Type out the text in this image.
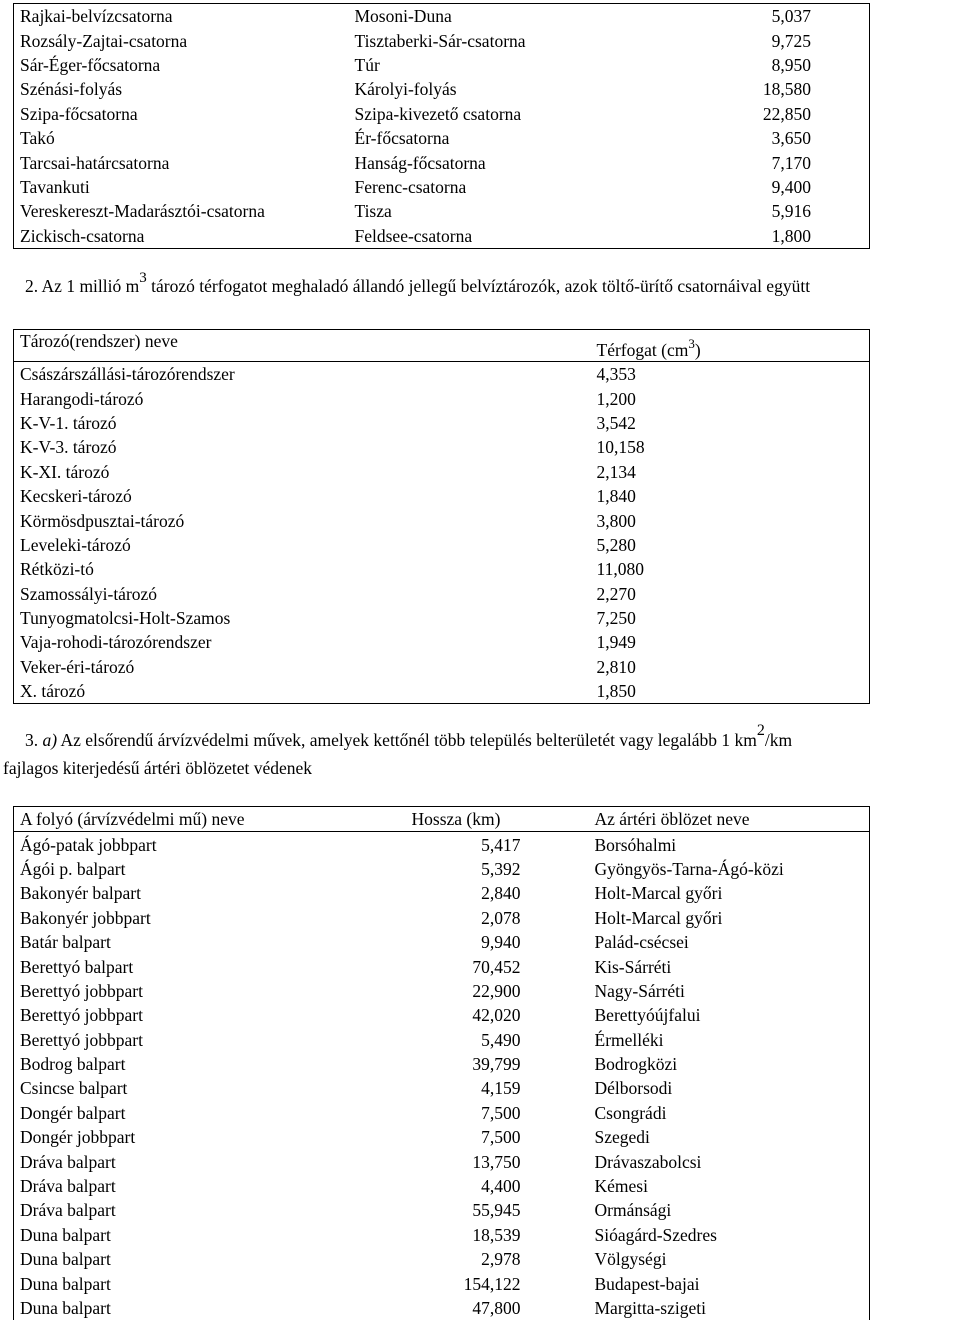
Rajkai-belvízcsatorna	Mosoni-Duna	5,037
Rozsály-Zajtai-csatorna	Tisztaberki-Sár-csatorna	9,725
Sár-Éger-főcsatorna	Túr	8,950
Szénási-folyás	Károlyi-folyás	18,580
Szipa-főcsatorna	Szipa-kivezető csatorna	22,850
Takó	Ér-főcsatorna	3,650
Tarcsai-határcsatorna	Hanság-főcsatorna	7,170
Tavankuti	Ferenc-csatorna	9,400
Vereskereszt-Madarásztói-csatorna	Tisza	5,916
Zickisch-csatorna	Feldsee-csatorna	1,800
2. Az 1 millió $m^3$ tározó térfogatot meghaladó állandó jellegű belvíztározók, azok töltő-ürítő csatornáival együtt
Tározó(rendszer) neve	Térfogat $(cm^3)$
Császárszállási-tározórendszer	4,353
Harangodi-tározó	1,200
K-V-1. tározó	3,542
K-V-3. tározó	10,158
K-XI. tározó	2,134
Kecskeri-tározó	1,840
Körmösdpusztai-tározó	3,800
Leveleki-tározó	5,280
Rétközi-tó	11,080
Szamossályi-tározó	2,270
Tunyogmatolcsi-Holt-Szamos	7,250
Vaja-rohodi-tározórendszer	1,949
Veker-éri-tározó	2,810
X. tározó	1,850
3. a) Az elsőrendű árvízvédelmi művek, amelyek kettőnél több település belterületét vagy legalább 1 $km^2/km$
fajlagos kiterjedésű ártéri öblözetet védenek
A folyó (árvízvédelmi mű) neve	Hossza (km)	Az ártéri öblözet neve
Ágó-patak jobbpart	5,417	Borsóhalmi
Ágói p. balpart	5,392	Gyöngyös-Tarna-Ágó-közi
Bakonyér balpart	2,840	Holt-Marcal győri
Bakonyér jobbpart	2,078	Holt-Marcal győri
Batár balpart	9,940	Palád-csécsei
Berettyó balpart	70,452	Kis-Sárréti
Berettyó jobbpart	22,900	Nagy-Sárréti
Berettyó jobbpart	42,020	Berettyóújfalui
Berettyó jobbpart	5,490	Érmelléki
Bodrog balpart	39,799	Bodrogközi
Csincse balpart	4,159	Délborsodi
Dongér balpart	7,500	Csongrádi
Dongér jobbpart	7,500	Szegedi
Dráva balpart	13,750	Drávaszabolcsi
Dráva balpart	4,400	Kémesi
Dráva balpart	55,945	Ormánsági
Duna balpart	18,539	Sióagárd-Szedres
Duna balpart	2,978	Völgységi
Duna balpart	154,122	Budapest-bajai
Duna balpart	47,800	Margitta-szigeti
